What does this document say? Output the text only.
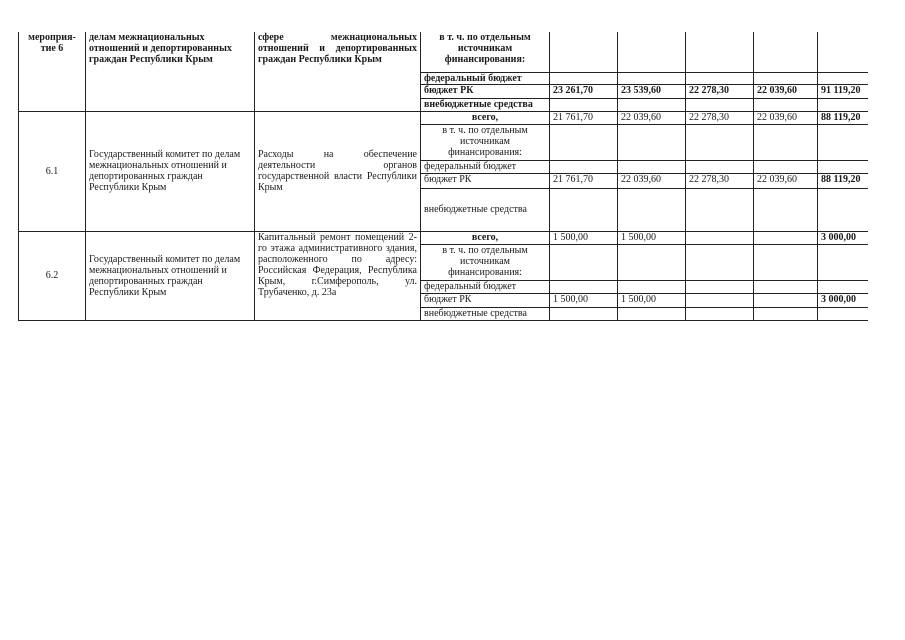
мероприя-
тие 6	делам межнациональных отношений и депортированных граждан Республики Крым	сфере межнациональных отношений и депортированных граждан Республики Крым	в т. ч. по отдельным источникам финансирования:					
			федеральный бюджет					
			бюджет РК	23 261,70	23 539,60	22 278,30	22 039,60	91 119,20
			внебюджетные средства					
6.1	Государственный комитет по делам межнациональных отношений и депортированных граждан Республики Крым	Расходы на обеспечение деятельности органов государственной власти Республики Крым	всего,	21 761,70	22 039,60	22 278,30	22 039,60	88 119,20
			в т. ч. по отдельным источникам финансирования:					
			федеральный бюджет					
			бюджет РК	21 761,70	22 039,60	22 278,30	22 039,60	88 119,20
			внебюджетные средства					
6.2	Государственный комитет по делам межнациональных отношений и депортированных граждан Республики Крым	Капитальный ремонт помещений 2-го этажа административного здания, расположенного по адресу: Российская Федерация, Республика Крым, г.Симферополь, ул. Трубаченко, д. 23а	всего,	1 500,00	1 500,00			3 000,00
			в т. ч. по отдельным источникам финансирования:					
			федеральный бюджет					
			бюджет РК	1 500,00	1 500,00			3 000,00
			внебюджетные средства					
